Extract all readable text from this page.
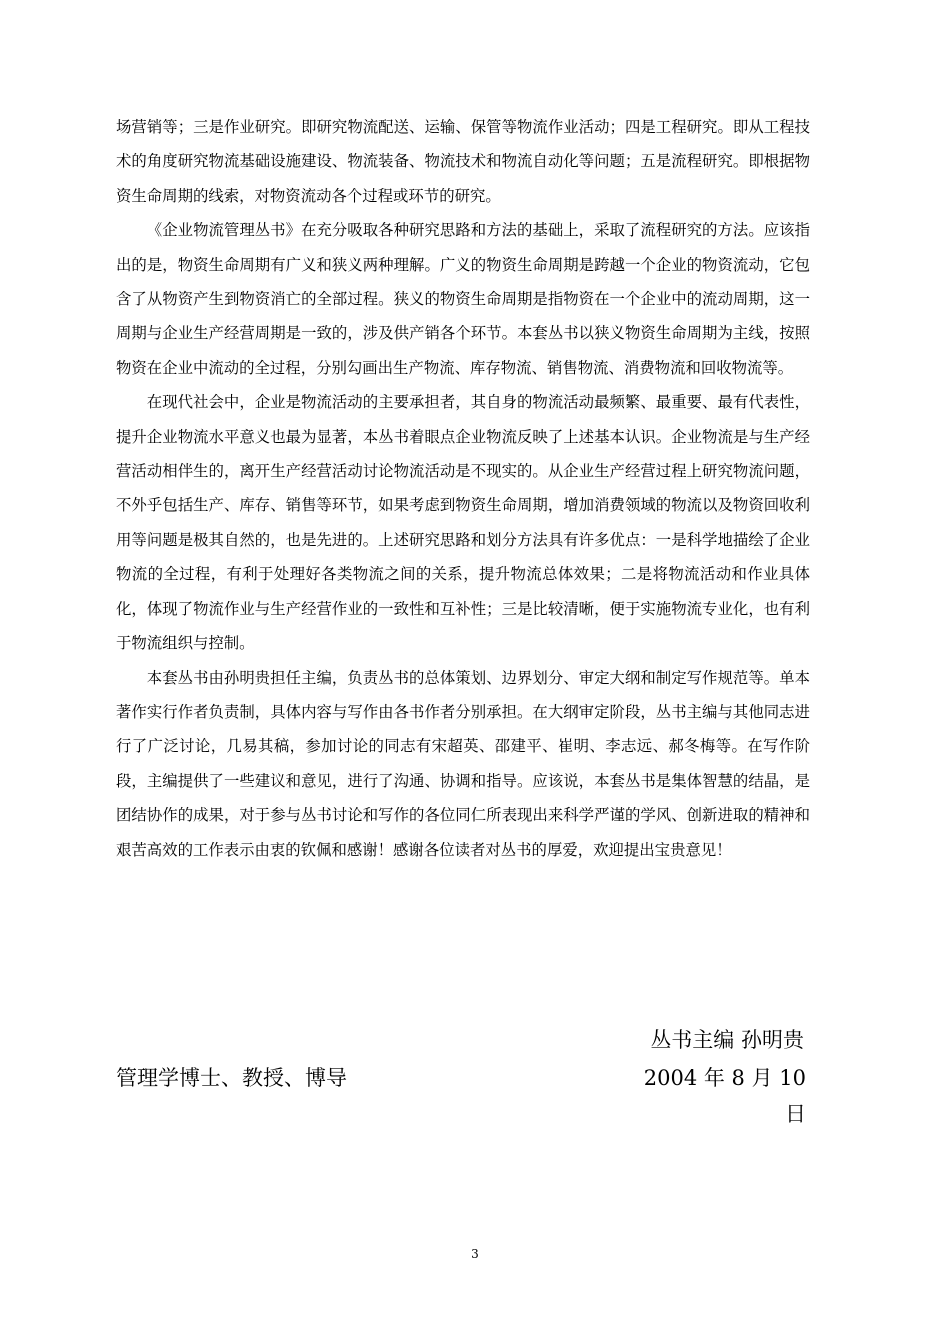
场营销等；三是作业研究。即研究物流配送、运输、保管等物流作业活动；四是工程研究。即从工程技术的角度研究物流基础设施建设、物流装备、物流技术和物流自动化等问题；五是流程研究。即根据物资生命周期的线索，对物资流动各个过程或环节的研究。

《企业物流管理丛书》在充分吸取各种研究思路和方法的基础上，采取了流程研究的方法。应该指出的是，物资生命周期有广义和狭义两种理解。广义的物资生命周期是跨越一个企业的物资流动，它包含了从物资产生到物资消亡的全部过程。狭义的物资生命周期是指物资在一个企业中的流动周期，这一周期与企业生产经营周期是一致的，涉及供产销各个环节。本套丛书以狭义物资生命周期为主线，按照物资在企业中流动的全过程，分别勾画出生产物流、库存物流、销售物流、消费物流和回收物流等。

在现代社会中，企业是物流活动的主要承担者，其自身的物流活动最频繁、最重要、最有代表性，提升企业物流水平意义也最为显著，本丛书着眼点企业物流反映了上述基本认识。企业物流是与生产经营活动相伴生的，离开生产经营活动讨论物流活动是不现实的。从企业生产经营过程上研究物流问题，不外乎包括生产、库存、销售等环节，如果考虑到物资生命周期，增加消费领域的物流以及物资回收利用等问题是极其自然的，也是先进的。上述研究思路和划分方法具有许多优点：一是科学地描绘了企业物流的全过程，有利于处理好各类物流之间的关系，提升物流总体效果；二是将物流活动和作业具体化，体现了物流作业与生产经营作业的一致性和互补性；三是比较清晰，便于实施物流专业化，也有利于物流组织与控制。

本套丛书由孙明贵担任主编，负责丛书的总体策划、边界划分、审定大纲和制定写作规范等。单本著作实行作者负责制，具体内容与写作由各书作者分别承担。在大纲审定阶段，丛书主编与其他同志进行了广泛讨论，几易其稿，参加讨论的同志有宋超英、邵建平、崔明、李志远、郝冬梅等。在写作阶段，主编提供了一些建议和意见，进行了沟通、协调和指导。应该说，本套丛书是集体智慧的结晶，是团结协作的成果，对于参与丛书讨论和写作的各位同仁所表现出来科学严谨的学风、创新进取的精神和艰苦高效的工作表示由衷的钦佩和感谢！感谢各位读者对丛书的厚爱，欢迎提出宝贵意见！

丛书主编 孙明贵
管理学博士、教授、博导	2004 年 8 月 10
日
3
